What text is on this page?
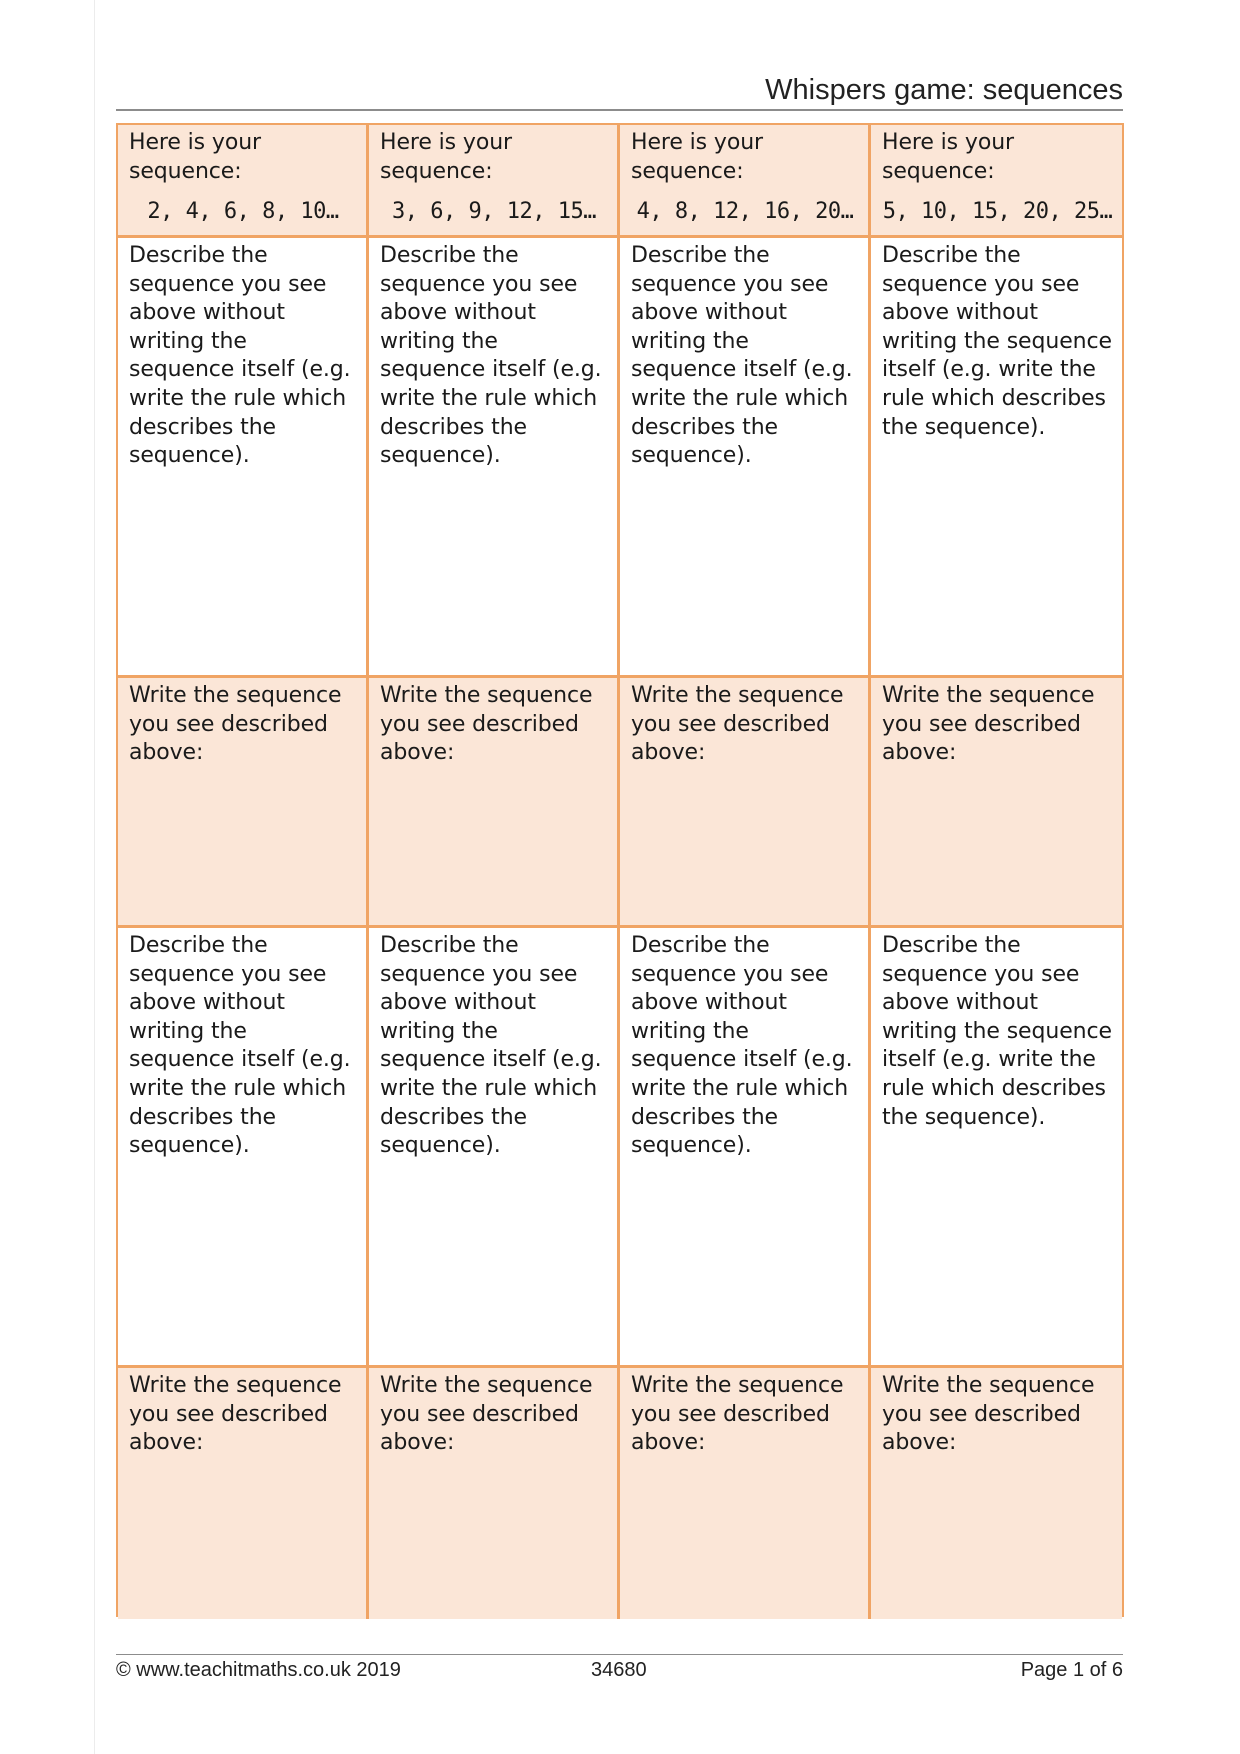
Whispers game: sequences
Here is your sequence:
2, 4, 6, 8, 10…
Here is your sequence:
3, 6, 9, 12, 15…
Here is your sequence:
4, 8, 12, 16, 20…
Here is your sequence:
5, 10, 15, 20, 25…
Describe the sequence you see above without writing the sequence itself (e.g. write the rule which describes the sequence).
Describe the sequence you see above without writing the sequence itself (e.g. write the rule which describes the sequence).
Describe the sequence you see above without writing the sequence itself (e.g. write the rule which describes the sequence).
Describe the sequence you see above without writing the sequence itself (e.g. write the rule which describes the sequence).
Write the sequence you see described above:
Write the sequence you see described above:
Write the sequence you see described above:
Write the sequence you see described above:
Describe the sequence you see above without writing the sequence itself (e.g. write the rule which describes the sequence).
Describe the sequence you see above without writing the sequence itself (e.g. write the rule which describes the sequence).
Describe the sequence you see above without writing the sequence itself (e.g. write the rule which describes the sequence).
Describe the sequence you see above without writing the sequence itself (e.g. write the rule which describes the sequence).
Write the sequence you see described above:
Write the sequence you see described above:
Write the sequence you see described above:
Write the sequence you see described above:
© www.teachitmaths.co.uk 2019	34680	Page 1 of 6
